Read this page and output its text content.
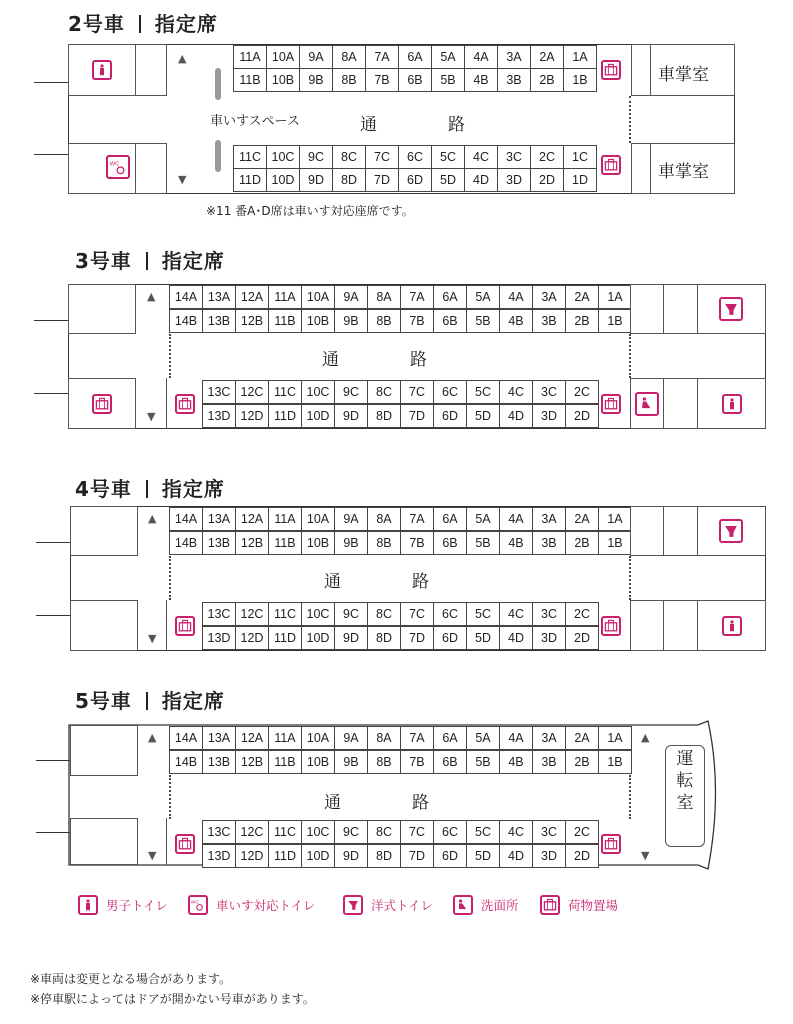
2号車 指定席
WC
▲
▼
車いすスペース	通	路
11A 10A	9A	8A	7A	6A	5A	4A	3A	2A	1A
11B 10B	9B	8B	7B	6B	5B	4B	3B	2B	1B
11C 10C	9C	8C	7C	6C	5C	4C	3C	2C	1C
11D 10D	9D	8D	7D	6D	5D	4D	3D	2D	1D
車掌室
車掌室
※11 番A･D席は車いす対応座席です。
3号車 指定席
▲
▼
通	路
14A 13A 12A 11A 10A	9A	8A	7A	6A	5A	4A	3A	2A	1A
14B 13B 12B 11B 10B	9B	8B	7B	6B	5B	4B	3B	2B	1B
13C 12C 11C 10C	9C	8C	7C	6C	5C	4C	3C	2C
13D 12D 11D 10D	9D	8D	7D	6D	5D	4D	3D	2D
4号車 指定席
▲
▼
通	路
14A 13A 12A 11A 10A	9A	8A	7A	6A	5A	4A	3A	2A	1A
14B 13B 12B 11B 10B	9B	8B	7B	6B	5B	4B	3B	2B	1B
13C 12C 11C 10C	9C	8C	7C	6C	5C	4C	3C	2C
13D 12D 11D 10D	9D	8D	7D	6D	5D	4D	3D	2D
5号車 指定席
▲
▼
通	路
14A 13A 12A 11A 10A	9A	8A	7A	6A	5A	4A	3A	2A	1A
14B 13B 12B 11B 10B	9B	8B	7B	6B	5B	4B	3B	2B	1B
13C 12C 11C 10C	9C	8C	7C	6C	5C	4C	3C	2C
13D 12D 11D 10D	9D	8D	7D	6D	5D	4D	3D	2D
▲
▼
運転室
男子トイレ	WC 車いす対応トイレ	洋式トイレ	洗面所	荷物置場
※車両は変更となる場合があります。
※停車駅によってはドアが開かない号車があります。
